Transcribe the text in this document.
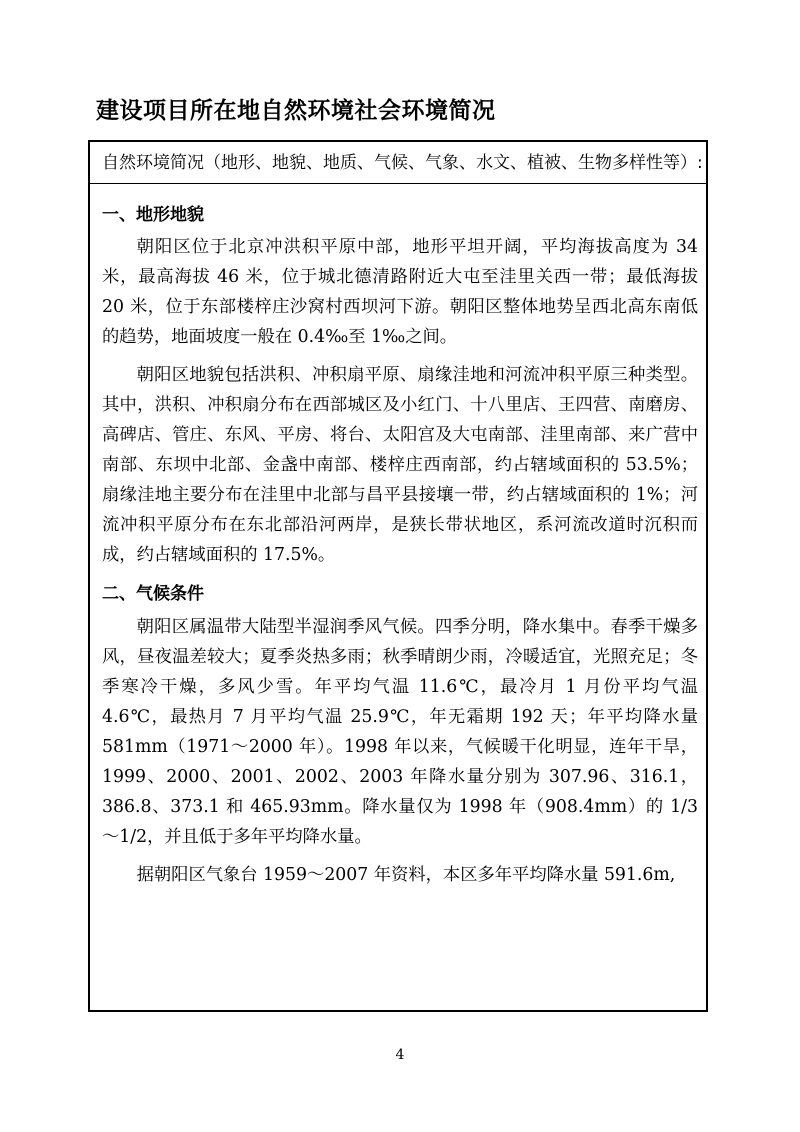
建设项目所在地自然环境社会环境简况
自然环境简况（地形、地貌、地质、气候、气象、水文、植被、生物多样性等）:
一、地形地貌

朝阳区位于北京冲洪积平原中部，地形平坦开阔，平均海拔高度为 34 米，最高海拔 46 米，位于城北德清路附近大屯至洼里关西一带；最低海拔 20 米，位于东部楼梓庄沙窝村西坝河下游。朝阳区整体地势呈西北高东南低的趋势，地面坡度一般在 0.4‰至 1‰之间。

朝阳区地貌包括洪积、冲积扇平原、扇缘洼地和河流冲积平原三种类型。其中，洪积、冲积扇分布在西部城区及小红门、十八里店、王四营、南磨房、高碑店、管庄、东风、平房、将台、太阳宫及大屯南部、洼里南部、来广营中南部、东坝中北部、金盏中南部、楼梓庄西南部，约占辖域面积的 53.5%；扇缘洼地主要分布在洼里中北部与昌平县接壤一带，约占辖域面积的 1%；河流冲积平原分布在东北部沿河两岸，是狭长带状地区，系河流改道时沉积而成，约占辖域面积的 17.5%。

二、气候条件

朝阳区属温带大陆型半湿润季风气候。四季分明，降水集中。春季干燥多风，昼夜温差较大；夏季炎热多雨；秋季晴朗少雨，冷暖适宜，光照充足；冬季寒冷干燥，多风少雪。年平均气温 11.6℃，最冷月 1 月份平均气温 4.6℃，最热月 7 月平均气温 25.9℃，年无霜期 192 天；年平均降水量 581mm（1971～2000 年）。1998 年以来，气候暖干化明显，连年干旱，1999、2000、2001、2002、2003 年降水量分别为 307.96、316.1，386.8、373.1 和 465.93mm。降水量仅为 1998 年（908.4mm）的 1/3～1/2，并且低于多年平均降水量。

据朝阳区气象台 1959～2007 年资料，本区多年平均降水量 591.6m,

4
